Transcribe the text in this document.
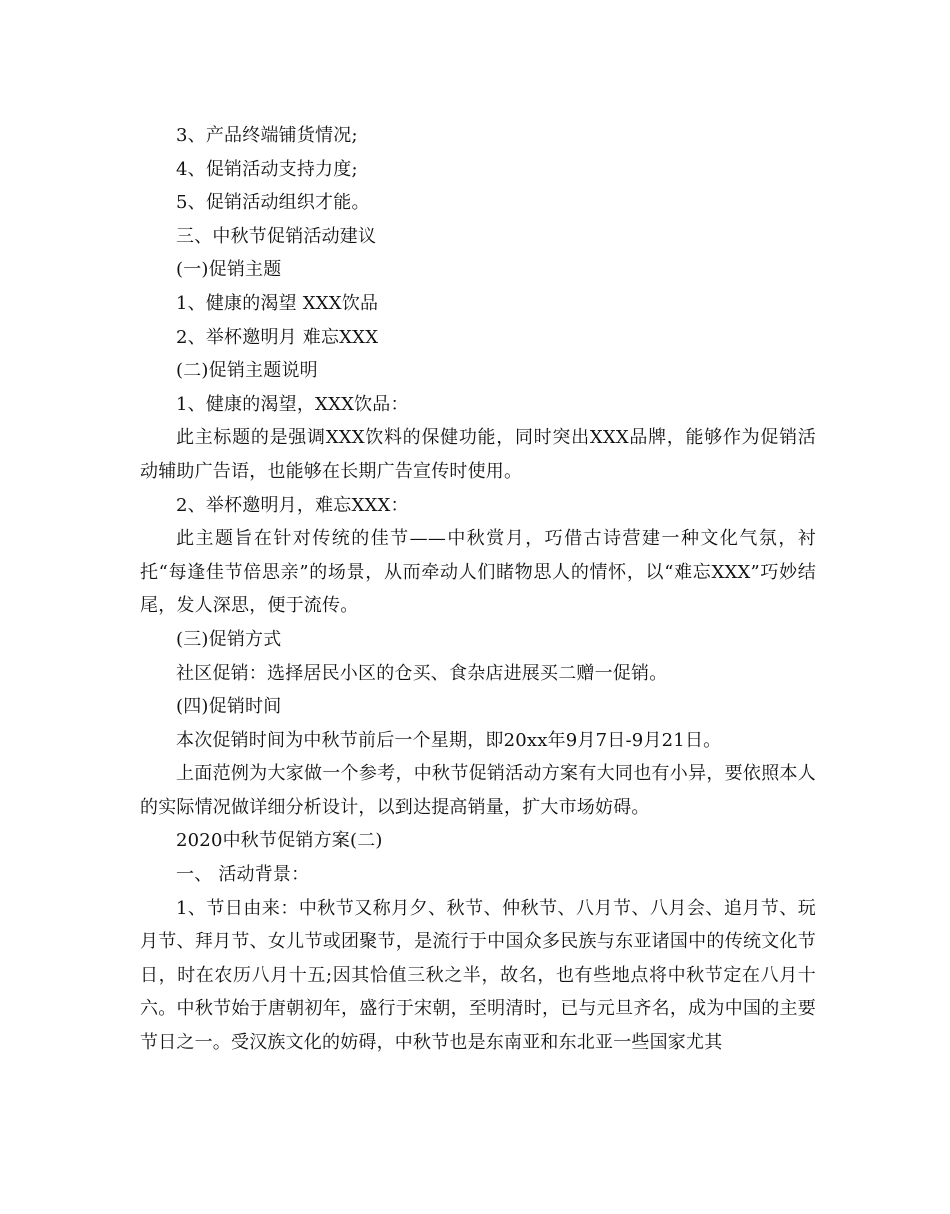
3、产品终端铺货情况;

4、促销活动支持力度;

5、促销活动组织才能。

三、中秋节促销活动建议

(一)促销主题

1、健康的渴望 XXX饮品

2、举杯邀明月 难忘XXX

(二)促销主题说明

1、健康的渴望，XXX饮品：

此主标题的是强调XXX饮料的保健功能，同时突出XXX品牌，能够作为促销活动辅助广告语，也能够在长期广告宣传时使用。

2、举杯邀明月，难忘XXX：

此主题旨在针对传统的佳节——中秋赏月，巧借古诗营建一种文化气氛，衬托“每逢佳节倍思亲”的场景，从而牵动人们睹物思人的情怀，以“难忘XXX”巧妙结尾，发人深思，便于流传。

(三)促销方式

社区促销：选择居民小区的仓买、食杂店进展买二赠一促销。

(四)促销时间

本次促销时间为中秋节前后一个星期，即20xx年9月7日-9月21日。

上面范例为大家做一个参考，中秋节促销活动方案有大同也有小异，要依照本人的实际情况做详细分析设计，以到达提高销量，扩大市场妨碍。

2020中秋节促销方案(二)

一、 活动背景：

1、节日由来：中秋节又称月夕、秋节、仲秋节、八月节、八月会、追月节、玩月节、拜月节、女儿节或团聚节，是流行于中国众多民族与东亚诸国中的传统文化节日，时在农历八月十五;因其恰值三秋之半，故名，也有些地点将中秋节定在八月十六。中秋节始于唐朝初年，盛行于宋朝，至明清时，已与元旦齐名，成为中国的主要节日之一。受汉族文化的妨碍，中秋节也是东南亚和东北亚一些国家尤其
